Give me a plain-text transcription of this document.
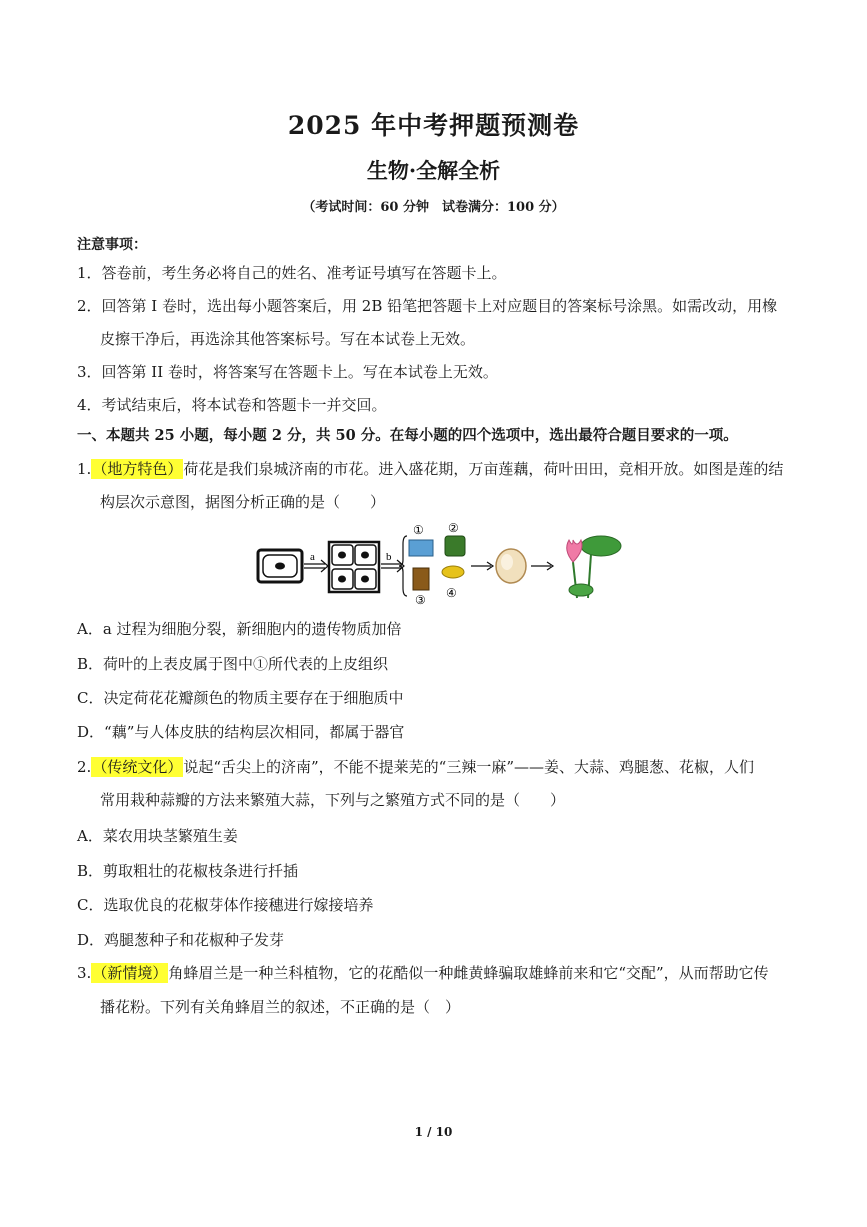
2025 年中考押题预测卷
生物·全解全析
（考试时间：60 分钟　试卷满分：100 分）
注意事项：
1．答卷前，考生务必将自己的姓名、准考证号填写在答题卡上。
2．回答第 I 卷时，选出每小题答案后，用 2B 铅笔把答题卡上对应题目的答案标号涂黑。如需改动，用橡
皮擦干净后，再选涂其他答案标号。写在本试卷上无效。
3．回答第 II 卷时，将答案写在答题卡上。写在本试卷上无效。
4．考试结束后，将本试卷和答题卡一并交回。
一、本题共 25 小题，每小题 2 分，共 50 分。在每小题的四个选项中，选出最符合题目要求的一项。
1.（地方特色）荷花是我们泉城济南的市花。进入盛花期，万亩莲藕，荷叶田田，竞相开放。如图是莲的结
构层次示意图，据图分析正确的是（　　）
a	b
① ②
③ ④
A．a 过程为细胞分裂，新细胞内的遗传物质加倍
B．荷叶的上表皮属于图中①所代表的上皮组织
C．决定荷花花瓣颜色的物质主要存在于细胞质中
D．“藕”与人体皮肤的结构层次相同，都属于器官
2.（传统文化）说起“舌尖上的济南”，不能不提莱芜的“三辣一麻”——姜、大蒜、鸡腿葱、花椒，人们
常用栽种蒜瓣的方法来繁殖大蒜，下列与之繁殖方式不同的是（　　）
A．菜农用块茎繁殖生姜
B．剪取粗壮的花椒枝条进行扦插
C．选取优良的花椒芽体作接穗进行嫁接培养
D．鸡腿葱种子和花椒种子发芽
3.（新情境）角蜂眉兰是一种兰科植物，它的花酷似一种雌黄蜂骗取雄蜂前来和它“交配”，从而帮助它传
播花粉。下列有关角蜂眉兰的叙述，不正确的是（　）
1 / 10
